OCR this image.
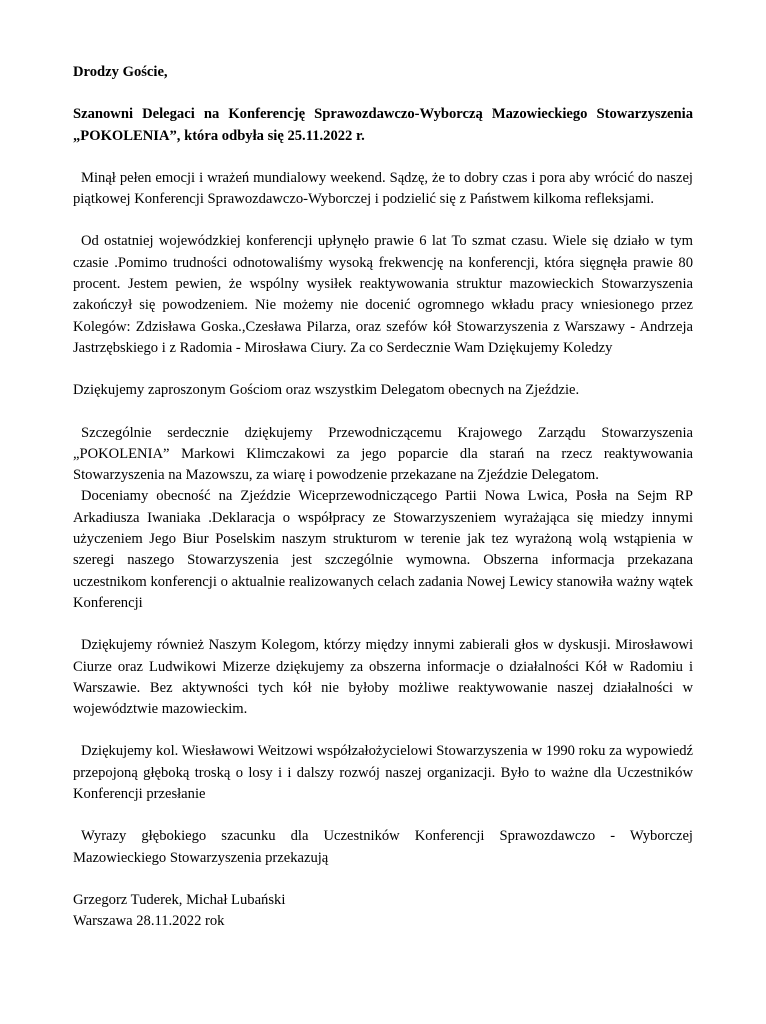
Drodzy Goście,

Szanowni Delegaci na Konferencję Sprawozdawczo-Wyborczą Mazowieckiego Stowarzyszenia „POKOLENIA”, która odbyła się 25.11.2022 r.

Minął pełen emocji i wrażeń mundialowy weekend. Sądzę, że to dobry czas i pora aby wrócić do naszej piątkowej Konferencji Sprawozdawczo-Wyborczej i podzielić się z Państwem kilkoma refleksjami.

Od ostatniej wojewódzkiej konferencji upłynęło prawie 6 lat To szmat czasu. Wiele się działo w tym czasie .Pomimo trudności odnotowaliśmy wysoką frekwencję na konferencji, która sięgnęła prawie 80 procent. Jestem pewien, że wspólny wysiłek reaktywowania struktur mazowieckich Stowarzyszenia zakończył się powodzeniem. Nie możemy nie docenić ogromnego wkładu pracy wniesionego przez Kolegów: Zdzisława Goska.,Czesława Pilarza, oraz szefów kół Stowarzyszenia z Warszawy - Andrzeja Jastrzębskiego i z Radomia - Mirosława Ciury. Za co Serdecznie Wam Dziękujemy Koledzy

Dziękujemy zaproszonym Gościom oraz wszystkim Delegatom obecnych na Zjeździe.

Szczególnie serdecznie dziękujemy Przewodniczącemu Krajowego Zarządu Stowarzyszenia „POKOLENIA” Markowi Klimczakowi za jego poparcie dla starań na rzecz reaktywowania Stowarzyszenia na Mazowszu, za wiarę i powodzenie przekazane na Zjeździe Delegatom.

Doceniamy obecność na Zjeździe Wiceprzewodniczącego Partii Nowa Lwica, Posła na Sejm RP Arkadiusza Iwaniaka .Deklaracja o współpracy ze Stowarzyszeniem wyrażająca się miedzy innymi użyczeniem Jego Biur Poselskim naszym strukturom w terenie jak tez wyrażoną wolą wstąpienia w szeregi naszego Stowarzyszenia jest szczególnie wymowna. Obszerna informacja przekazana uczestnikom konferencji o aktualnie realizowanych celach zadania Nowej Lewicy stanowiła ważny wątek Konferencji

Dziękujemy również Naszym Kolegom, którzy między innymi zabierali głos w dyskusji. Mirosławowi Ciurze oraz Ludwikowi Mizerze dziękujemy za obszerna informacje o działalności Kół w Radomiu i Warszawie. Bez aktywności tych kół nie byłoby możliwe reaktywowanie naszej działalności w województwie mazowieckim.

Dziękujemy kol. Wiesławowi Weitzowi współzałożycielowi Stowarzyszenia w 1990 roku za wypowiedź przepojoną głęboką troską o losy i i dalszy rozwój naszej organizacji. Było to ważne dla Uczestników Konferencji przesłanie

Wyrazy głębokiego szacunku dla Uczestników Konferencji Sprawozdawczo - Wyborczej Mazowieckiego Stowarzyszenia przekazują

Grzegorz Tuderek, Michał Lubański
Warszawa 28.11.2022 rok
